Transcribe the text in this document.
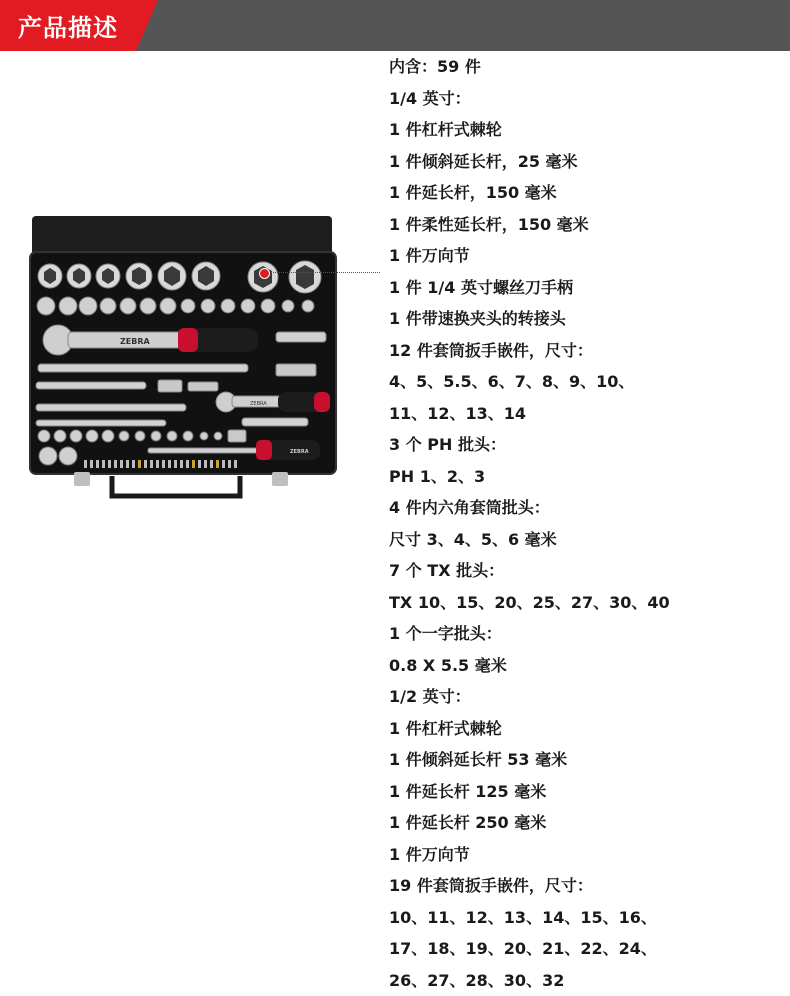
产品描述
ZEBRA
ZEBRA
ZEBRA
内含：59 件
1/4 英寸：
1 件杠杆式棘轮
1 件倾斜延长杆，25 毫米
1 件延长杆，150 毫米
1 件柔性延长杆，150 毫米
1 件万向节
1 件 1/4 英寸螺丝刀手柄
1 件带速换夹头的转接头
12 件套筒扳手嵌件，尺寸：
4、5、5.5、6、7、8、9、10、
11、12、13、14
3 个 PH 批头：
PH 1、2、3
4 件内六角套筒批头：
尺寸 3、4、5、6 毫米
7 个 TX 批头：
TX 10、15、20、25、27、30、40
1 个一字批头：
0.8 X 5.5 毫米
1/2 英寸：
1 件杠杆式棘轮
1 件倾斜延长杆 53 毫米
1 件延长杆 125 毫米
1 件延长杆 250 毫米
1 件万向节
19 件套筒扳手嵌件，尺寸：
10、11、12、13、14、15、16、
17、18、19、20、21、22、24、
26、27、28、30、32
